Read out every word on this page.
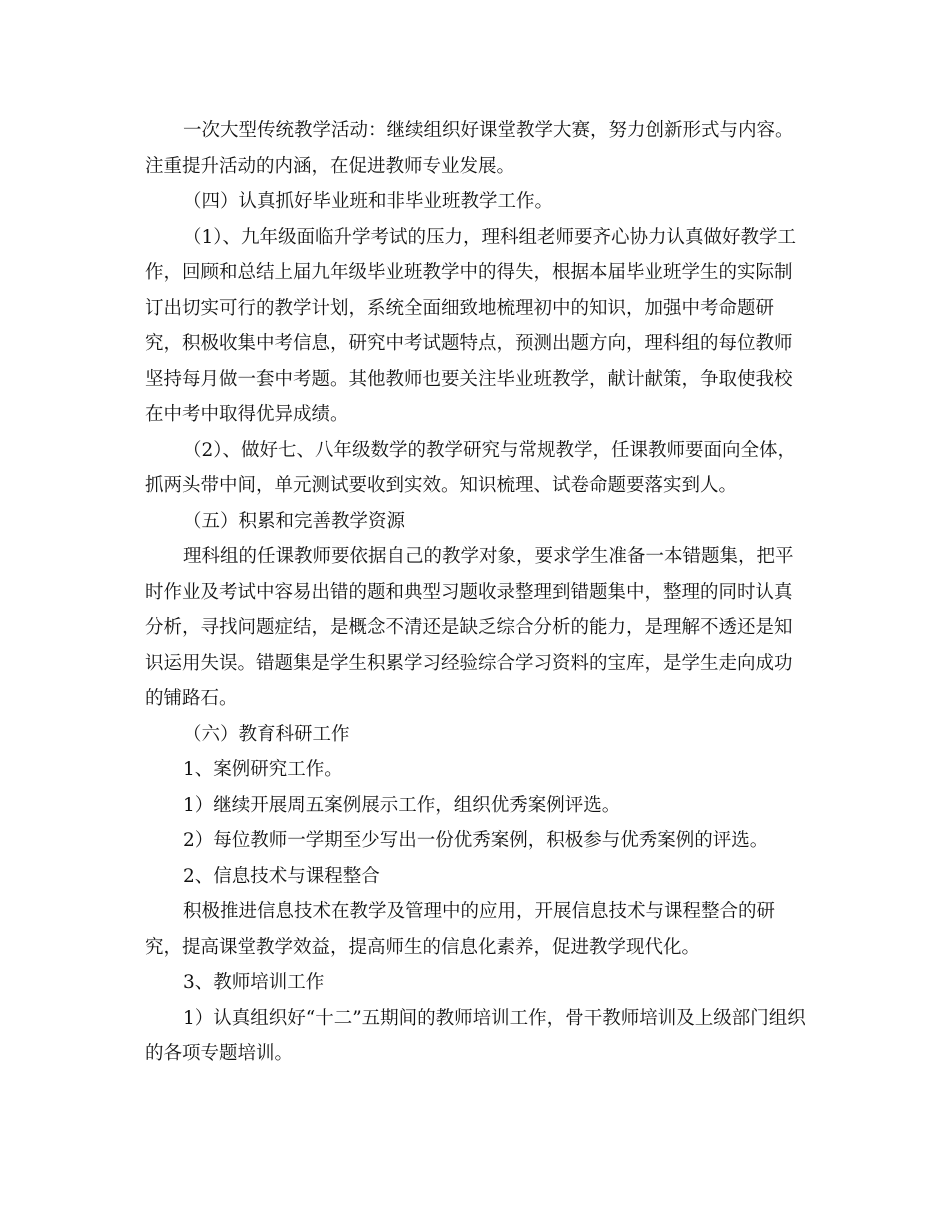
一次大型传统教学活动：继续组织好课堂教学大赛，努力创新形式与内容。
注重提升活动的内涵，在促进教师专业发展。

（四）认真抓好毕业班和非毕业班教学工作。

（1）、九年级面临升学考试的压力，理科组老师要齐心协力认真做好教学工
作，回顾和总结上届九年级毕业班教学中的得失，根据本届毕业班学生的实际制
订出切实可行的教学计划，系统全面细致地梳理初中的知识，加强中考命题研
究，积极收集中考信息，研究中考试题特点，预测出题方向，理科组的每位教师
坚持每月做一套中考题。其他教师也要关注毕业班教学，献计献策，争取使我校
在中考中取得优异成绩。

（2）、做好七、八年级数学的教学研究与常规教学，任课教师要面向全体，
抓两头带中间，单元测试要收到实效。知识梳理、试卷命题要落实到人。

（五）积累和完善教学资源

理科组的任课教师要依据自己的教学对象，要求学生准备一本错题集，把平
时作业及考试中容易出错的题和典型习题收录整理到错题集中，整理的同时认真
分析，寻找问题症结，是概念不清还是缺乏综合分析的能力，是理解不透还是知
识运用失误。错题集是学生积累学习经验综合学习资料的宝库，是学生走向成功
的铺路石。

（六）教育科研工作

1、案例研究工作。

1）继续开展周五案例展示工作，组织优秀案例评选。

2）每位教师一学期至少写出一份优秀案例，积极参与优秀案例的评选。

2、信息技术与课程整合

积极推进信息技术在教学及管理中的应用，开展信息技术与课程整合的研
究，提高课堂教学效益，提高师生的信息化素养，促进教学现代化。

3、教师培训工作

1）认真组织好“十二”五期间的教师培训工作，骨干教师培训及上级部门组织
的各项专题培训。
